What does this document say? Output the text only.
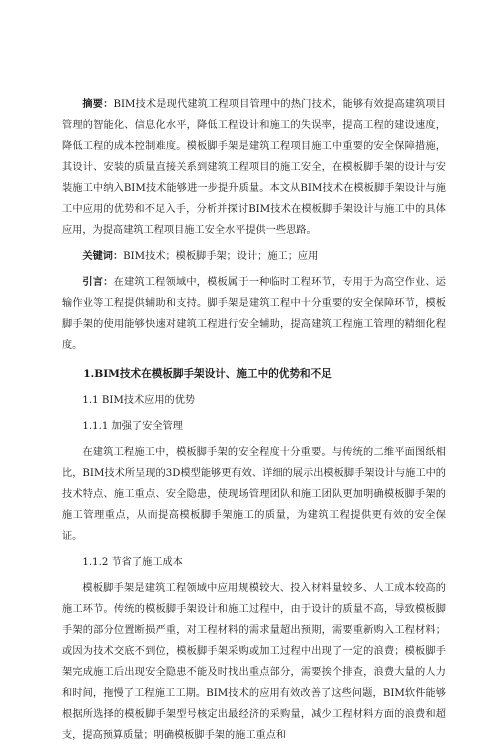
摘要：BIM技术是现代建筑工程项目管理中的热门技术，能够有效提高建筑项目管理的智能化、信息化水平，降低工程设计和施工的失误率，提高工程的建设速度，降低工程的成本控制难度。模板脚手架是建筑工程项目施工中重要的安全保障措施，其设计、安装的质量直接关系到建筑工程项目的施工安全，在模板脚手架的设计与安装施工中纳入BIM技术能够进一步提升质量。本文从BIM技术在模板脚手架设计与施工中应用的优势和不足入手，分析并探讨BIM技术在模板脚手架设计与施工中的具体应用，为提高建筑工程项目施工安全水平提供一些思路。

关键词：BIM技术；模板脚手架；设计；施工；应用

引言：在建筑工程领域中，模板属于一种临时工程环节，专用于为高空作业、运输作业等工程提供辅助和支持。脚手架是建筑工程中十分重要的安全保障环节，模板脚手架的使用能够快速对建筑工程进行安全辅助，提高建筑工程施工管理的精细化程度。

1.BIM技术在模板脚手架设计、施工中的优势和不足

1.1 BIM技术应用的优势

1.1.1 加强了安全管理

在建筑工程施工中，模板脚手架的安全程度十分重要。与传统的二维平面图纸相比，BIM技术所呈现的3D模型能够更有效、详细的展示出模板脚手架设计与施工中的技术特点、施工重点、安全隐患，使现场管理团队和施工团队更加明确模板脚手架的施工管理重点，从而提高模板脚手架施工的质量，为建筑工程提供更有效的安全保证。

1.1.2 节省了施工成本

模板脚手架是建筑工程领域中应用规模较大、投入材料量较多、人工成本较高的施工环节。传统的模板脚手架设计和施工过程中，由于设计的质量不高，导致模板脚手架的部分位置断损严重，对工程材料的需求量超出预期，需要重新购入工程材料；或因为技术交底不到位，模板脚手架采购或加工过程中出现了一定的浪费；模板脚手架完成施工后出现安全隐患不能及时找出重点部分，需要挨个排查，浪费大量的人力和时间，拖慢了工程施工工期。BIM技术的应用有效改善了这些问题，BIM软件能够根据所选择的模板脚手架型号核定出最经济的采购量，减少工程材料方面的浪费和超支，提高预算质量；明确模板脚手架的施工重点和
